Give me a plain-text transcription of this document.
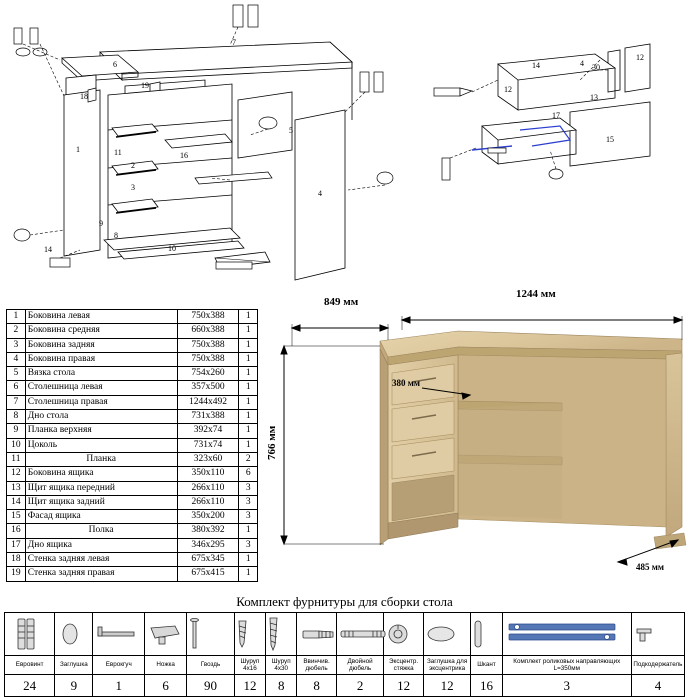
6
7
19
18
1	11	16
2
3
9
8
10
5
4
14
14	4 30
12
12
13
17
15
1	Боковина левая	750х388	1
2	Боковина средняя	660х388	1
3	Боковина задняя	750х388	1
4	Боковина правая	750х388	1
5	Вязка стола	754х260	1
6	Столешница левая	357х500	1
7	Столешница правая	1244х492	1
8	Дно стола	731х388	1
9	Планка верхняя	392х74	1
10	Цоколь	731х74	1
11	Планка	323х60	2
12	Боковина ящика	350х110	6
13	Щит ящика передний	266х110	3
14	Щит ящика задний	266х110	3
15	Фасад ящика	350х200	3
16	Полка	380х392	1
17	Дно ящика	346х295	3
18	Стенка задняя левая	675х345	1
19	Стенка задняя правая	675х415	1
849 мм
1244 мм
766 мм
380 мм
485 мм
Комплект фурнитуры для сборки стола

Евровинт	Заглушка	Еврокгуч	Ножка	Гвоздь	Шуруп 4х16	Шуруп 4х30	Ввинчив. дюбель	Двойной дюбель	Эксцентр. стяжка	Заглушка для эксцентрика	Шкант	Комплект роликовых направляющих L=350мм	Подкодержатель
24	9	1	6	90	12	8	8	2	12	12	16	3	4
